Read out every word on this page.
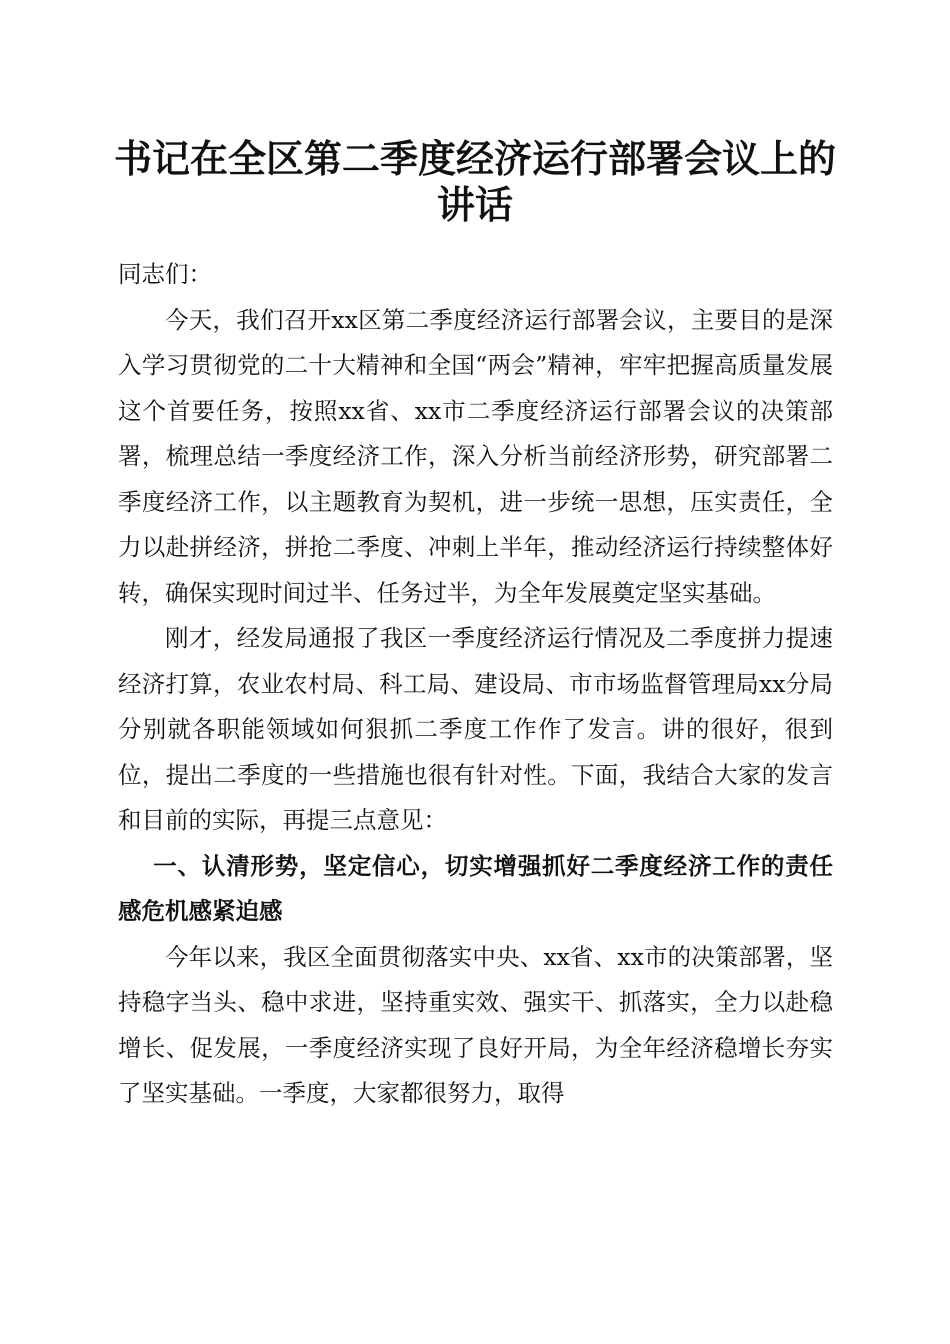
书记在全区第二季度经济运行部署会议上的讲话

同志们：

今天，我们召开xx区第二季度经济运行部署会议，主要目的是深入学习贯彻党的二十大精神和全国“两会”精神，牢牢把握高质量发展这个首要任务，按照xx省、xx市二季度经济运行部署会议的决策部署，梳理总结一季度经济工作，深入分析当前经济形势，研究部署二季度经济工作，以主题教育为契机，进一步统一思想，压实责任，全力以赴拼经济，拼抢二季度、冲刺上半年，推动经济运行持续整体好转，确保实现时间过半、任务过半，为全年发展奠定坚实基础。

刚才，经发局通报了我区一季度经济运行情况及二季度拼力提速经济打算，农业农村局、科工局、建设局、市市场监督管理局xx分局分别就各职能领域如何狠抓二季度工作作了发言。讲的很好，很到位，提出二季度的一些措施也很有针对性。下面，我结合大家的发言和目前的实际，再提三点意见：

一、认清形势，坚定信心，切实增强抓好二季度经济工作的责任感危机感紧迫感

今年以来，我区全面贯彻落实中央、xx省、xx市的决策部署，坚持稳字当头、稳中求进，坚持重实效、强实干、抓落实，全力以赴稳增长、促发展，一季度经济实现了良好开局，为全年经济稳增长夯实了坚实基础。一季度，大家都很努力，取得
